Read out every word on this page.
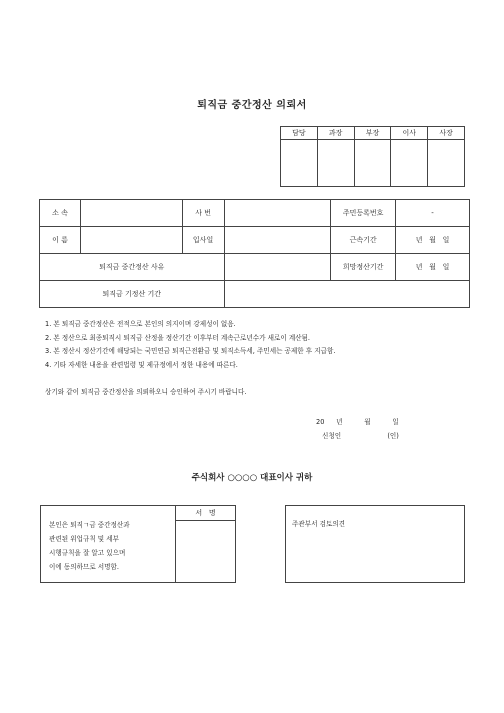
퇴직금 중간정산 의뢰서
담당	과장	부장	이사	사장

소 속		사 번		주민등록번호	-
이 름		입사일		근속기간	년   월   일
퇴직금 중간정산 사유				희망정산기간	년   월   일
퇴직금 기정산 기간					
1. 본 퇴직금 중간정산은 전적으로 본인의 의지이며 강제성이 없음.
2. 본 정산으로 최종퇴직시 퇴직금 산정을 정산기간 이후부터 계속근로년수가 새로이 계산됨.
3. 본 정산시 정산기간에 해당되는 국민연금 퇴직근전환금 및 퇴직소득세, 주민세는 공제한 후 지급함.
4. 기타 자세한 내용을 관련법령 및 제규정에서 정한 내용에 따른다.
상기와 같이 퇴직금 중간정산을 의뢰하오니 승인하여 주시기 바랍니다.
20 년	월	일
신청인	(인)
주식회사 ○○○○ 대표이사 귀하
본인은 퇴직ㄱ금 중간정산과
관련된 위업규칙 및 세부
시행규칙을 잘 알고 있으며
이에 동의하므로 서명함.
서   명
주관부서 검토의견
